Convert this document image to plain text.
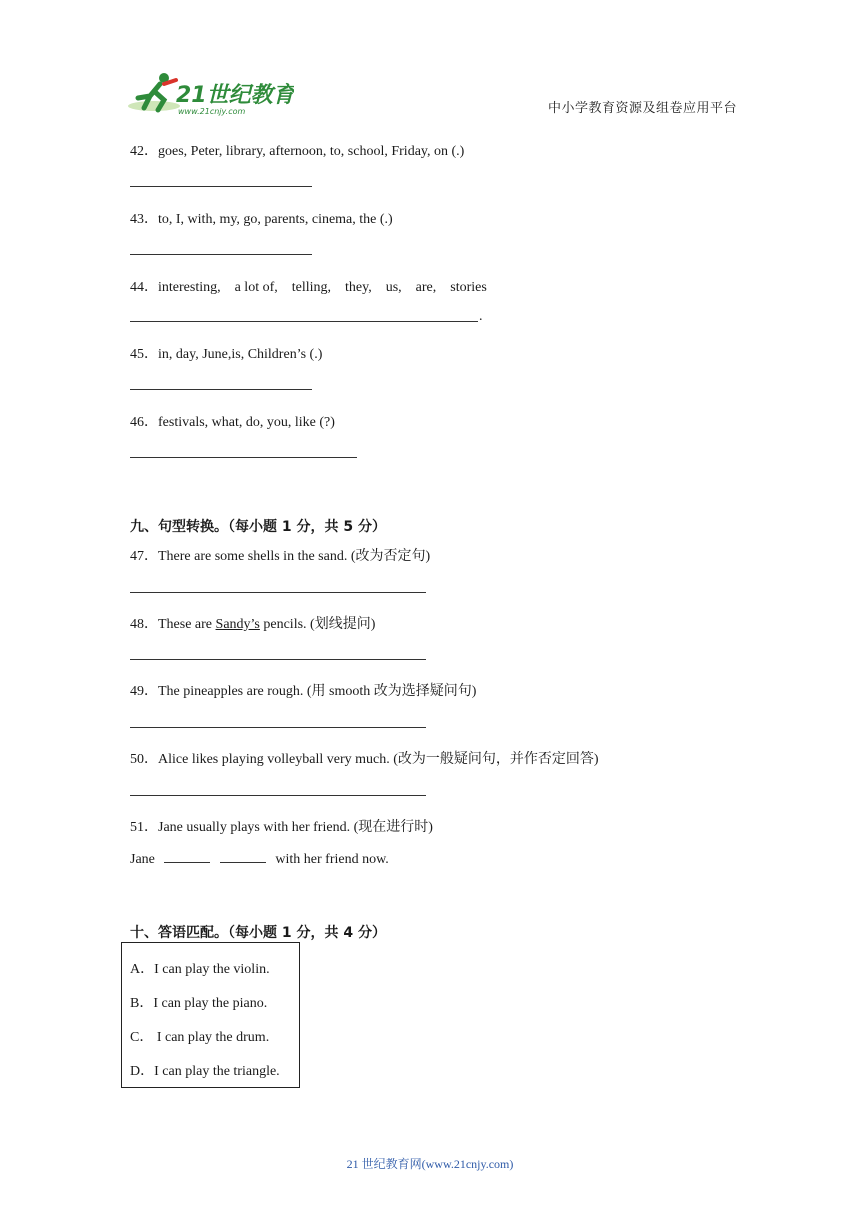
21世纪教育
www.21cnjy.com	中小学教育资源及组卷应用平台
42．goes, Peter, library, afternoon, to, school, Friday, on (.)
43．to, I, with, my, go, parents, cinema, the (.)
44．interesting,　a lot of,　telling,　they,　us,　are,　stories
.
45．in, day, June,is, Children’s (.)
46．festivals, what, do, you, like (?)
九、句型转换。（每小题 1 分，共 5 分）
47．There are some shells in the sand. (改为否定句)
48．These are Sandy’s pencils. (划线提问)
49．The pineapples are rough. (用 smooth 改为选择疑问句)
50．Alice likes playing volleyball very much. (改为一般疑问句，并作否定回答)
51．Jane usually plays with her friend. (现在进行时)
Jane	with her friend now.
十、答语匹配。（每小题 1 分，共 4 分）
A．I can play the violin.
B．I can play the piano.
C． I can play the drum.
D．I can play the triangle.
21 世纪教育网(www.21cnjy.com)
